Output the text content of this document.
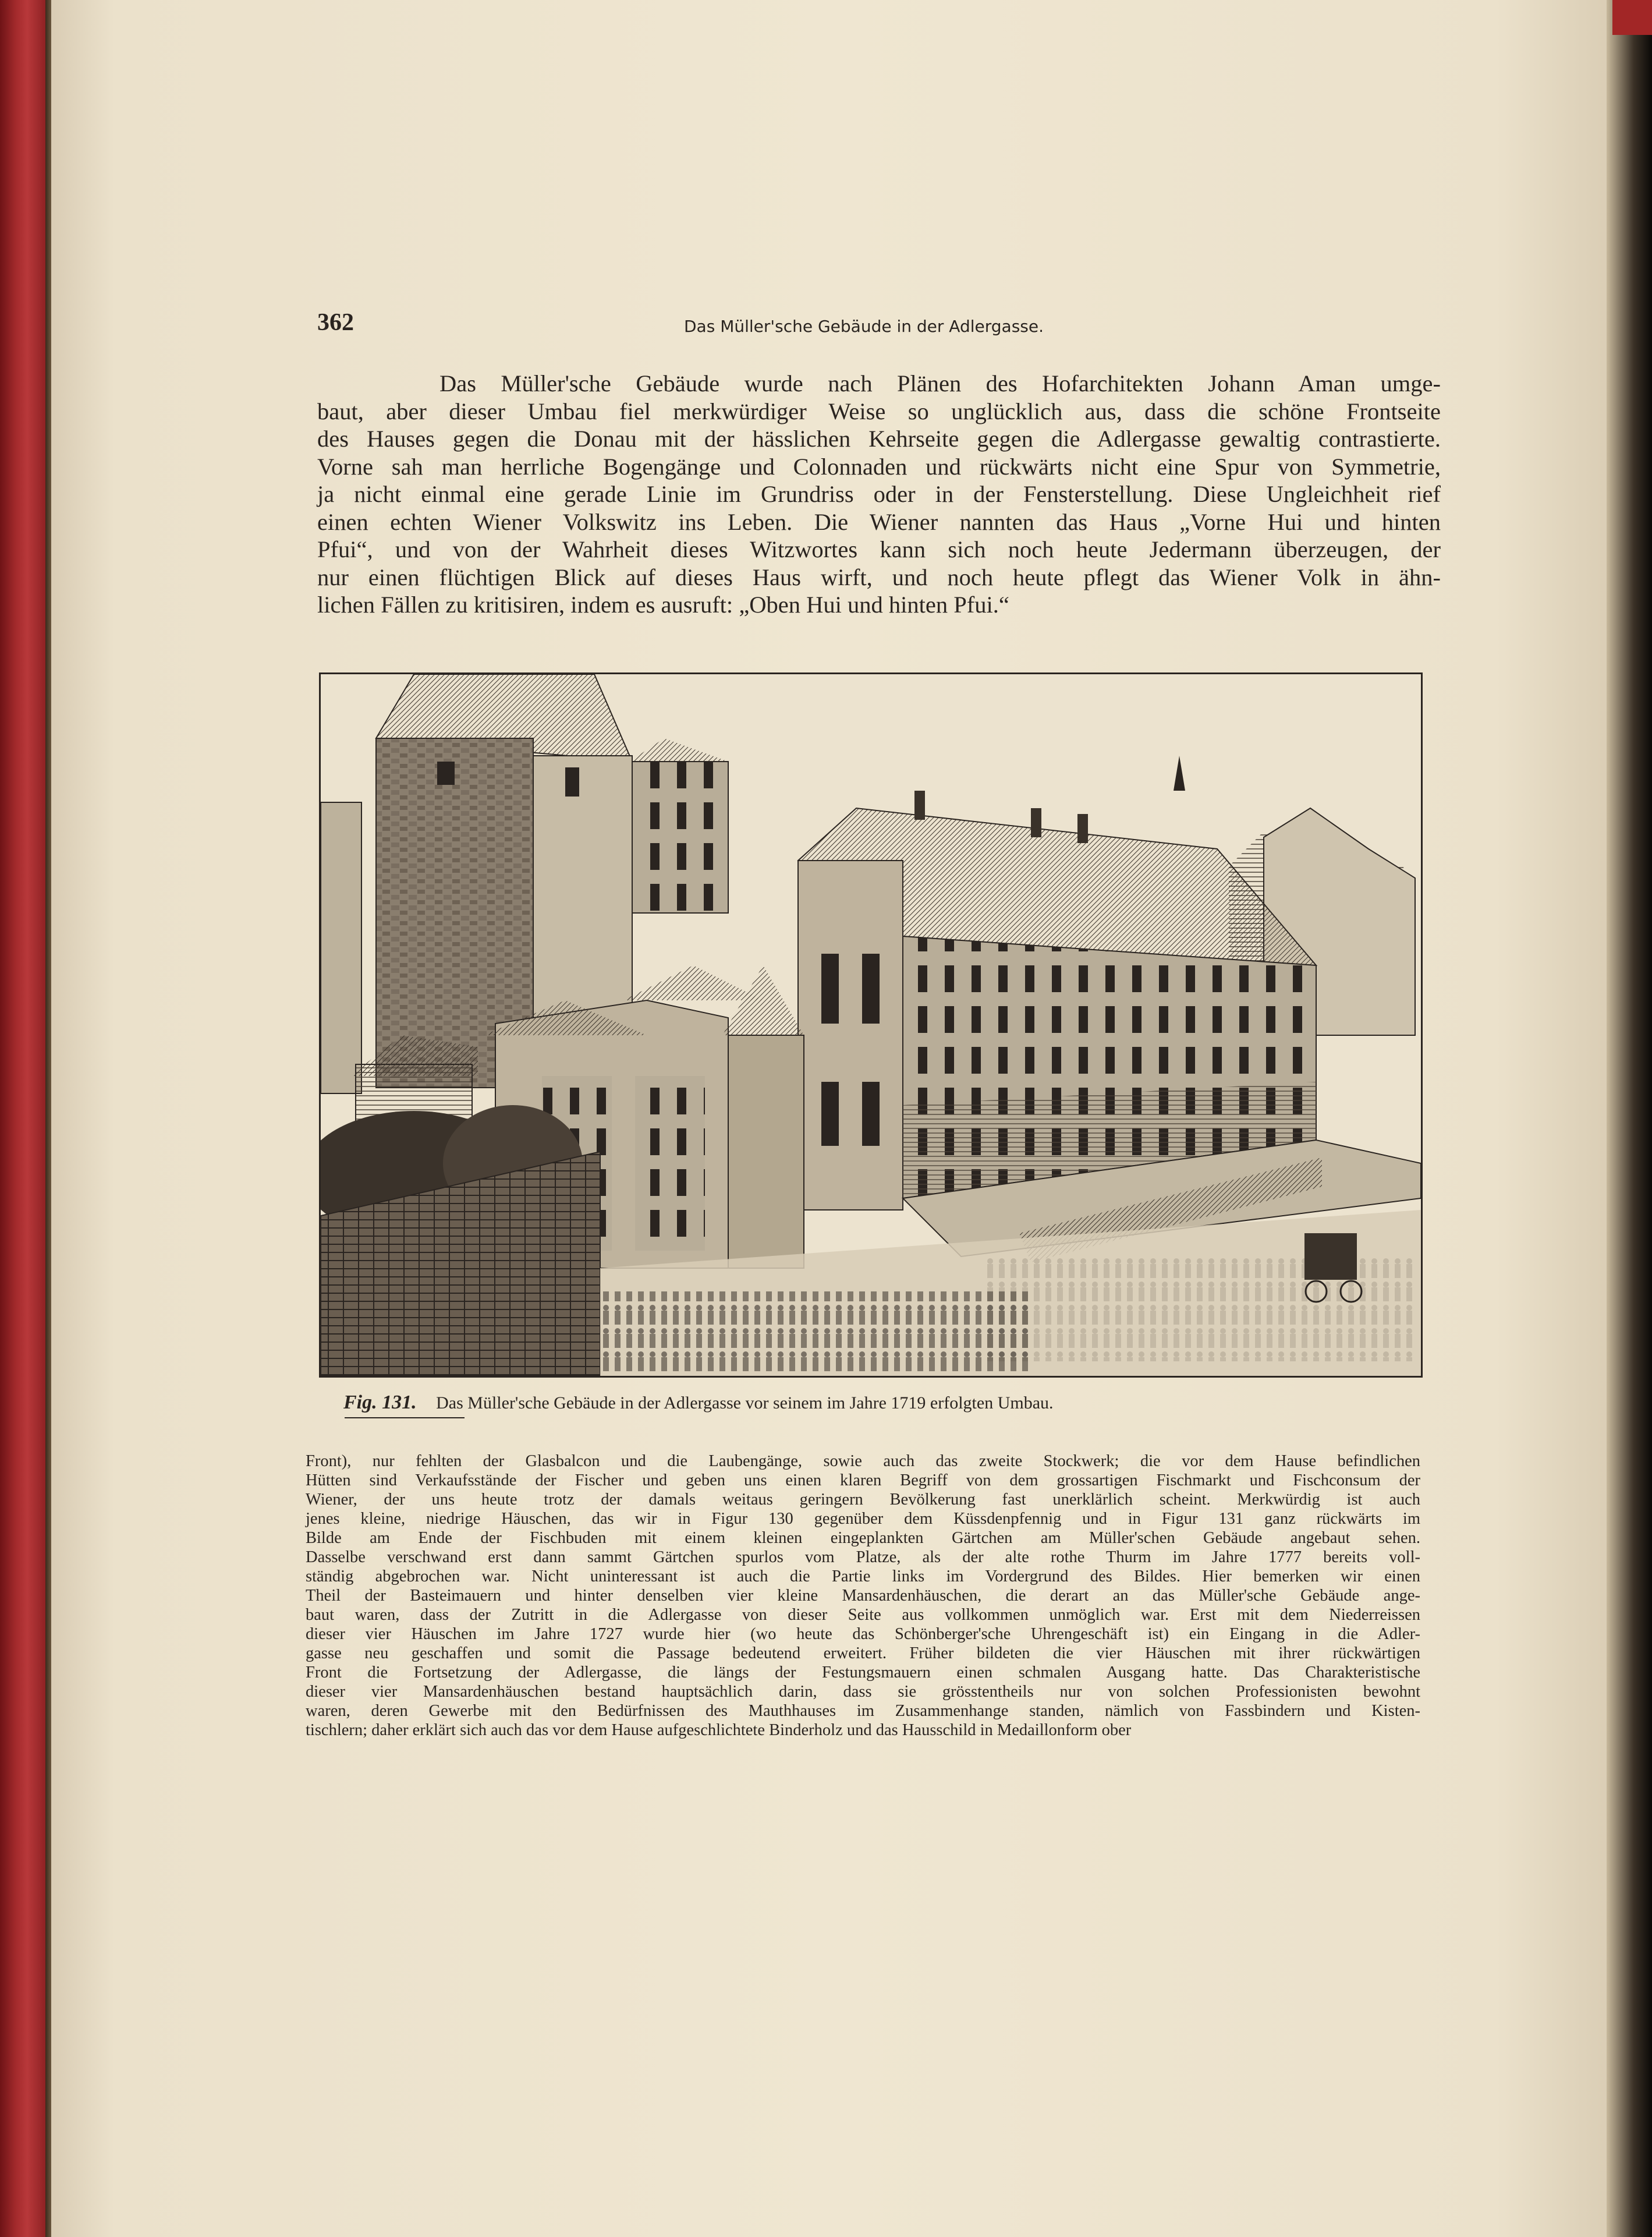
362	Das Müller'sche Gebäude in der Adlergasse.
Das Müller'sche Gebäude wurde nach Plänen des Hofarchitekten Johann Aman umge-
baut, aber dieser Umbau fiel merkwürdiger Weise so unglücklich aus, dass die schöne Frontseite
des Hauses gegen die Donau mit der hässlichen Kehrseite gegen die Adlergasse gewaltig contrastierte.
Vorne sah man herrliche Bogengänge und Colonnaden und rückwärts nicht eine Spur von Symmetrie,
ja nicht einmal eine gerade Linie im Grundriss oder in der Fensterstellung. Diese Ungleichheit rief
einen echten Wiener Volkswitz ins Leben. Die Wiener nannten das Haus „Vorne Hui und hinten
Pfui“, und von der Wahrheit dieses Witzwortes kann sich noch heute Jedermann überzeugen, der
nur einen flüchtigen Blick auf dieses Haus wirft, und noch heute pflegt das Wiener Volk in ähn-
lichen Fällen zu kritisiren, indem es ausruft: „Oben Hui und hinten Pfui.“
Fig. 131. Das Müller'sche Gebäude in der Adlergasse vor seinem im Jahre 1719 erfolgten Umbau.
Front), nur fehlten der Glasbalcon und die Laubengänge, sowie auch das zweite Stockwerk; die vor dem Hause befindlichen
Hütten sind Verkaufsstände der Fischer und geben uns einen klaren Begriff von dem grossartigen Fischmarkt und Fischconsum der
Wiener, der uns heute trotz der damals weitaus geringern Bevölkerung fast unerklärlich scheint. Merkwürdig ist auch
jenes kleine, niedrige Häuschen, das wir in Figur 130 gegenüber dem Küssdenpfennig und in Figur 131 ganz rückwärts im
Bilde am Ende der Fischbuden mit einem kleinen eingeplankten Gärtchen am Müller'schen Gebäude angebaut sehen.
Dasselbe verschwand erst dann sammt Gärtchen spurlos vom Platze, als der alte rothe Thurm im Jahre 1777 bereits voll-
ständig abgebrochen war. Nicht uninteressant ist auch die Partie links im Vordergrund des Bildes. Hier bemerken wir einen
Theil der Basteimauern und hinter denselben vier kleine Mansardenhäuschen, die derart an das Müller'sche Gebäude ange-
baut waren, dass der Zutritt in die Adlergasse von dieser Seite aus vollkommen unmöglich war. Erst mit dem Niederreissen
dieser vier Häuschen im Jahre 1727 wurde hier (wo heute das Schönberger'sche Uhrengeschäft ist) ein Eingang in die Adler-
gasse neu geschaffen und somit die Passage bedeutend erweitert. Früher bildeten die vier Häuschen mit ihrer rückwärtigen
Front die Fortsetzung der Adlergasse, die längs der Festungsmauern einen schmalen Ausgang hatte. Das Charakteristische
dieser vier Mansardenhäuschen bestand hauptsächlich darin, dass sie grösstentheils nur von solchen Professionisten bewohnt
waren, deren Gewerbe mit den Bedürfnissen des Mauthhauses im Zusammenhange standen, nämlich von Fassbindern und Kisten-
tischlern; daher erklärt sich auch das vor dem Hause aufgeschlichtete Binderholz und das Hausschild in Medaillonform ober
